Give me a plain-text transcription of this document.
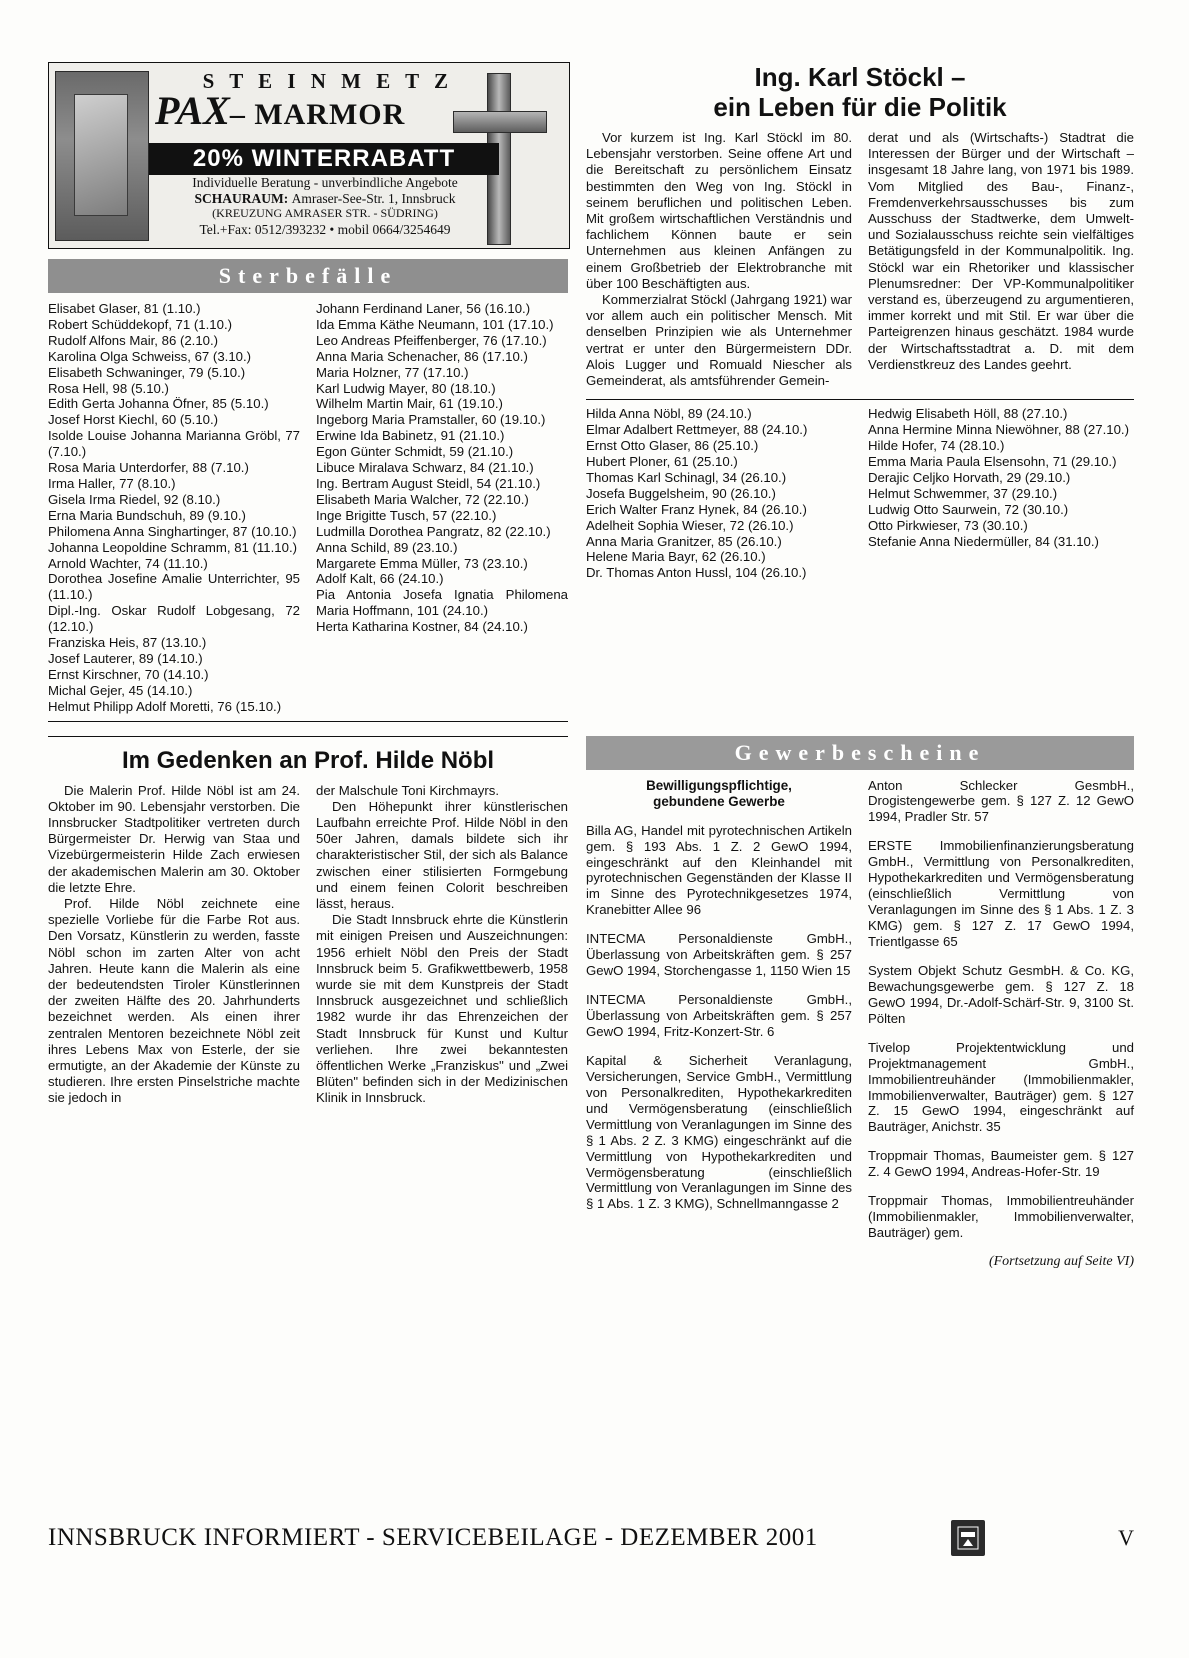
S T E I N M E T Z
PAX– MARMOR
20% WINTERRABATT
Individuelle Beratung - unverbindliche Angebote
SCHAURAUM: Amraser-See-Str. 1, Innsbruck
(KREUZUNG AMRASER STR. - SÜDRING)
Tel.+Fax: 0512/393232 • mobil 0664/3254649
Sterbefälle
Elisabet Glaser, 81 (1.10.)
Robert Schüddekopf, 71 (1.10.)
Rudolf Alfons Mair, 86 (2.10.)
Karolina Olga Schweiss, 67 (3.10.)
Elisabeth Schwaninger, 79 (5.10.)
Rosa Hell, 98 (5.10.)
Edith Gerta Johanna Öfner, 85 (5.10.)
Josef Horst Kiechl, 60 (5.10.)
Isolde Louise Johanna Marianna Gröbl, 77 (7.10.)
Rosa Maria Unterdorfer, 88 (7.10.)
Irma Haller, 77 (8.10.)
Gisela Irma Riedel, 92 (8.10.)
Erna Maria Bundschuh, 89 (9.10.)
Philomena Anna Singhartinger, 87 (10.10.)
Johanna Leopoldine Schramm, 81 (11.10.)
Arnold Wachter, 74 (11.10.)
Dorothea Josefine Amalie Unterrichter, 95 (11.10.)
Dipl.-Ing. Oskar Rudolf Lobgesang, 72 (12.10.)
Franziska Heis, 87 (13.10.)
Josef Lauterer, 89 (14.10.)
Ernst Kirschner, 70 (14.10.)
Michal Gejer, 45 (14.10.)
Helmut Philipp Adolf Moretti, 76 (15.10.)
Johann Ferdinand Laner, 56 (16.10.)
Ida Emma Käthe Neumann, 101 (17.10.)
Leo Andreas Pfeiffenberger, 76 (17.10.)
Anna Maria Schenacher, 86 (17.10.)
Maria Holzner, 77 (17.10.)
Karl Ludwig Mayer, 80 (18.10.)
Wilhelm Martin Mair, 61 (19.10.)
Ingeborg Maria Pramstaller, 60 (19.10.)
Erwine Ida Babinetz, 91 (21.10.)
Egon Günter Schmidt, 59 (21.10.)
Libuce Miralava Schwarz, 84 (21.10.)
Ing. Bertram August Steidl, 54 (21.10.)
Elisabeth Maria Walcher, 72 (22.10.)
Inge Brigitte Tusch, 57 (22.10.)
Ludmilla Dorothea Pangratz, 82 (22.10.)
Anna Schild, 89 (23.10.)
Margarete Emma Müller, 73 (23.10.)
Adolf Kalt, 66 (24.10.)
Pia Antonia Josefa Ignatia Philomena Maria Hoffmann, 101 (24.10.)
Herta Katharina Kostner, 84 (24.10.)
Ing. Karl Stöckl –
ein Leben für die Politik

Vor kurzem ist Ing. Karl Stöckl im 80. Lebensjahr verstorben. Seine offene Art und die Bereitschaft zu persönlichem Einsatz bestimmten den Weg von Ing. Stöckl in seinem beruflichen und politischen Leben. Mit großem wirtschaftlichen Verständnis und fachlichem Können baute er sein Unternehmen aus kleinen Anfängen zu einem Großbetrieb der Elektrobranche mit über 100 Beschäftigten aus.

Kommerzialrat Stöckl (Jahrgang 1921) war vor allem auch ein politischer Mensch. Mit denselben Prinzipien wie als Unternehmer vertrat er unter den Bürgermeistern DDr. Alois Lugger und Romuald Niescher als Gemeinderat, als amtsführender Gemein-

derat und als (Wirtschafts-) Stadtrat die Interessen der Bürger und der Wirtschaft – insgesamt 18 Jahre lang, von 1971 bis 1989. Vom Mitglied des Bau-, Finanz-, Fremdenverkehrsausschusses bis zum Ausschuss der Stadtwerke, dem Umwelt- und Sozialausschuss reichte sein vielfältiges Betätigungsfeld in der Kommunalpolitik. Ing. Stöckl war ein Rhetoriker und klassischer Plenumsredner: Der VP-Kommunalpolitiker verstand es, überzeugend zu argumentieren, immer korrekt und mit Stil. Er war über die Parteigrenzen hinaus geschätzt. 1984 wurde der Wirtschaftsstadtrat a. D. mit dem Verdienstkreuz des Landes geehrt.

Hilda Anna Nöbl, 89 (24.10.)
Elmar Adalbert Rettmeyer, 88 (24.10.)
Ernst Otto Glaser, 86 (25.10.)
Hubert Ploner, 61 (25.10.)
Thomas Karl Schinagl, 34 (26.10.)
Josefa Buggelsheim, 90 (26.10.)
Erich Walter Franz Hynek, 84 (26.10.)
Adelheit Sophia Wieser, 72 (26.10.)
Anna Maria Granitzer, 85 (26.10.)
Helene Maria Bayr, 62 (26.10.)
Dr. Thomas Anton Hussl, 104 (26.10.)
Hedwig Elisabeth Höll, 88 (27.10.)
Anna Hermine Minna Niewöhner, 88 (27.10.)
Hilde Hofer, 74 (28.10.)
Emma Maria Paula Elsensohn, 71 (29.10.)
Derajic Celjko Horvath, 29 (29.10.)
Helmut Schwemmer, 37 (29.10.)
Ludwig Otto Saurwein, 72 (30.10.)
Otto Pirkwieser, 73 (30.10.)
Stefanie Anna Niedermüller, 84 (31.10.)
Im Gedenken an Prof. Hilde Nöbl

Die Malerin Prof. Hilde Nöbl ist am 24. Oktober im 90. Lebensjahr verstorben. Die Innsbrucker Stadtpolitiker vertreten durch Bürgermeister Dr. Herwig van Staa und Vizebürgermeisterin Hilde Zach erwiesen der akademischen Malerin am 30. Oktober die letzte Ehre.

Prof. Hilde Nöbl zeichnete eine spezielle Vorliebe für die Farbe Rot aus. Den Vorsatz, Künstlerin zu werden, fasste Nöbl schon im zarten Alter von acht Jahren. Heute kann die Malerin als eine der bedeutendsten Tiroler Künstlerinnen der zweiten Hälfte des 20. Jahrhunderts bezeichnet werden. Als einen ihrer zentralen Mentoren bezeichnete Nöbl zeit ihres Lebens Max von Esterle, der sie ermutigte, an der Akademie der Künste zu studieren. Ihre ersten Pinselstriche machte sie jedoch in

der Malschule Toni Kirchmayrs.

Den Höhepunkt ihrer künstlerischen Laufbahn erreichte Prof. Hilde Nöbl in den 50er Jahren, damals bildete sich ihr charakteristischer Stil, der sich als Balance zwischen einer stilisierten Formgebung und einem feinen Colorit beschreiben lässt, heraus.

Die Stadt Innsbruck ehrte die Künstlerin mit einigen Preisen und Auszeichnungen: 1956 erhielt Nöbl den Preis der Stadt Innsbruck beim 5. Grafikwettbewerb, 1958 wurde sie mit dem Kunstpreis der Stadt Innsbruck ausgezeichnet und schließlich 1982 wurde ihr das Ehrenzeichen der Stadt Innsbruck für Kunst und Kultur verliehen. Ihre zwei bekanntesten öffentlichen Werke „Franziskus" und „Zwei Blüten" befinden sich in der Medizinischen Klinik in Innsbruck.

Gewerbescheine
Bewilligungspflichtige,
gebundene Gewerbe

Billa AG, Handel mit pyrotechnischen Artikeln gem. § 193 Abs. 1 Z. 2 GewO 1994, eingeschränkt auf den Kleinhandel mit pyrotechnischen Gegenständen der Klasse II im Sinne des Pyrotechnikgesetzes 1974, Kranebitter Allee 96

INTECMA Personaldienste GmbH., Überlassung von Arbeitskräften gem. § 257 GewO 1994, Storchengasse 1, 1150 Wien 15

INTECMA Personaldienste GmbH., Überlassung von Arbeitskräften gem. § 257 GewO 1994, Fritz-Konzert-Str. 6

Kapital & Sicherheit Veranlagung, Versicherungen, Service GmbH., Vermittlung von Personalkrediten, Hypothekarkrediten und Vermögensberatung (einschließlich Vermittlung von Veranlagungen im Sinne des § 1 Abs. 2 Z. 3 KMG) eingeschränkt auf die Vermittlung von Hypothekarkrediten und Vermögensberatung (einschließlich Vermittlung von Veranlagungen im Sinne des § 1 Abs. 1 Z. 3 KMG), Schnellmanngasse 2

Anton Schlecker GesmbH., Drogistengewerbe gem. § 127 Z. 12 GewO 1994, Pradler Str. 57

ERSTE Immobilienfinanzierungsberatung GmbH., Vermittlung von Personalkrediten, Hypothekarkrediten und Vermögensberatung (einschließlich Vermittlung von Veranlagungen im Sinne des § 1 Abs. 1 Z. 3 KMG) gem. § 127 Z. 17 GewO 1994, Trientlgasse 65

System Objekt Schutz GesmbH. & Co. KG, Bewachungsgewerbe gem. § 127 Z. 18 GewO 1994, Dr.-Adolf-Schärf-Str. 9, 3100 St. Pölten

Tivelop Projektentwicklung und Projektmanagement GmbH., Immobilientreuhänder (Immobilienmakler, Immobilienverwalter, Bauträger) gem. § 127 Z. 15 GewO 1994, eingeschränkt auf Bauträger, Anichstr. 35

Troppmair Thomas, Baumeister gem. § 127 Z. 4 GewO 1994, Andreas-Hofer-Str. 19

Troppmair Thomas, Immobilientreuhänder (Immobilienmakler, Immobilienverwalter, Bauträger) gem.

(Fortsetzung auf Seite VI)
INNSBRUCK INFORMIERT - SERVICEBEILAGE - DEZEMBER 2001	V
